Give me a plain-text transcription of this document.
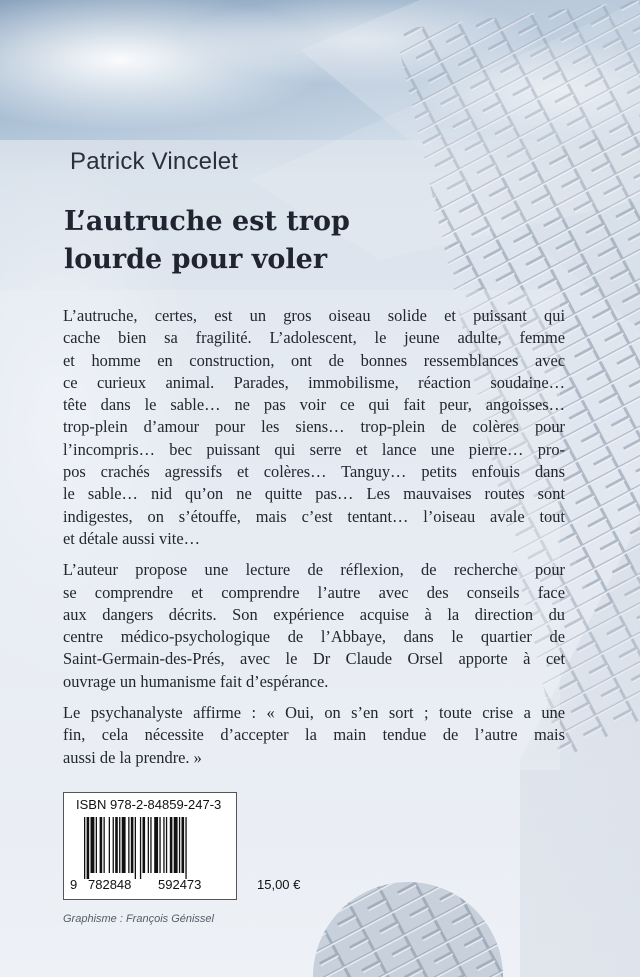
Patrick Vincelet
L’autruche est trop
lourde pour voler

L’autruche, certes, est un gros oiseau solide et puissant qui
cache bien sa fragilité. L’adolescent, le jeune adulte, femme
et homme en construction, ont de bonnes ressemblances avec
ce curieux animal. Parades, immobilisme, réaction soudaine…
tête dans le sable… ne pas voir ce qui fait peur, angoisses…
trop-plein d’amour pour les siens… trop-plein de colères pour
l’incompris… bec puissant qui serre et lance une pierre… pro-
pos crachés agressifs et colères… Tanguy… petits enfouis dans
le sable… nid qu’on ne quitte pas… Les mauvaises routes sont
indigestes, on s’étouffe, mais c’est tentant… l’oiseau avale tout
et détale aussi vite…

L’auteur propose une lecture de réflexion, de recherche pour
se comprendre et comprendre l’autre avec des conseils face
aux dangers décrits. Son expérience acquise à la direction du
centre médico-psychologique de l’Abbaye, dans le quartier de
Saint-Germain-des-Prés, avec le Dr Claude Orsel apporte à cet
ouvrage un humanisme fait d’espérance.

Le psychanalyste affirme : « Oui, on s’en sort ; toute crise a une
fin, cela nécessite d’accepter la main tendue de l’autre mais
aussi de la prendre. »

ISBN 978-2-84859-247-3
9 782848 592473	15,00 €
Graphisme : François Génissel
